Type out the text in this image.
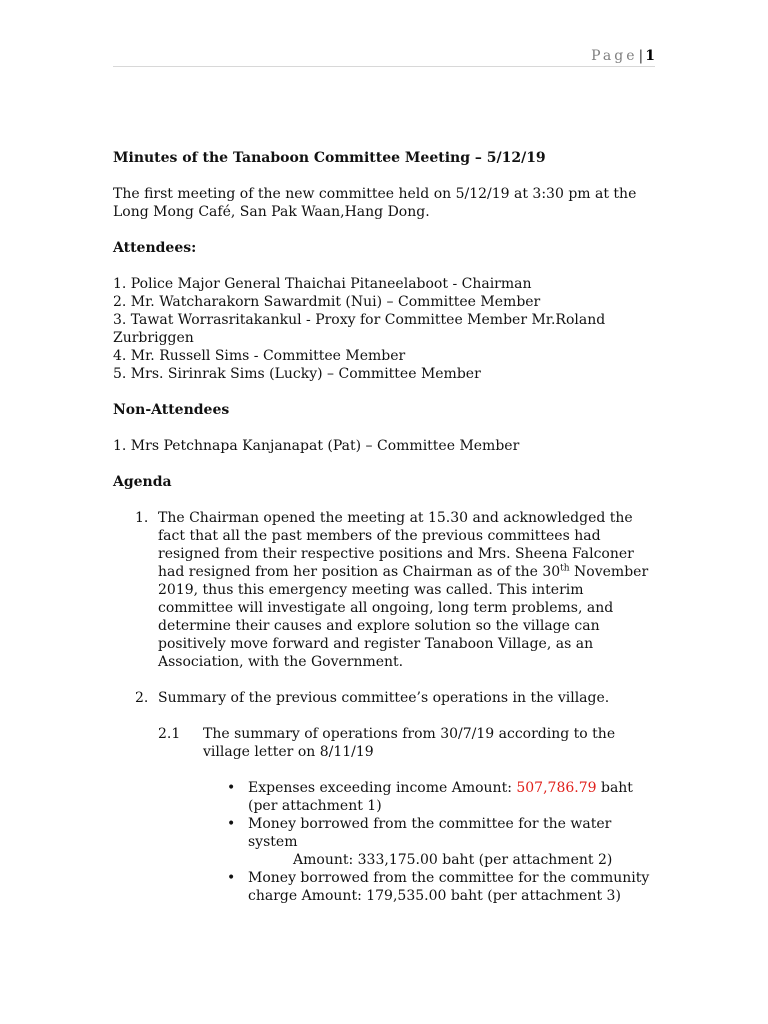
Page| 1

Minutes of the Tanaboon Committee Meeting – 5/12/19

The first meeting of the new committee held on 5/12/19 at 3:30 pm at the Long Mong Café, San Pak Waan,Hang Dong.

Attendees:

1. Police Major General Thaichai Pitaneelaboot - Chairman

2. Mr. Watcharakorn Sawardmit (Nui) – Committee Member

3. Tawat Worrasritakankul - Proxy for Committee Member Mr.Roland Zurbriggen

4. Mr. Russell Sims - Committee Member

5. Mrs. Sirinrak Sims (Lucky) – Committee Member

Non-Attendees

1. Mrs Petchnapa Kanjanapat (Pat) – Committee Member

Agenda

1. The Chairman opened the meeting at 15.30 and acknowledged the fact that all the past members of the previous committees had resigned from their respective positions and Mrs. Sheena Falconer had resigned from her position as Chairman as of the 30th November 2019, thus this emergency meeting was called. This interim committee will investigate all ongoing, long term problems, and determine their causes and explore solution so the village can positively move forward and register Tanaboon Village, as an Association, with the Government.
2. Summary of the previous committee’s operations in the village.
2.1 The summary of operations from 30/7/19 according to the village letter on 8/11/19
• Expenses exceeding income Amount: 507,786.79 baht (per attachment 1)
• Money borrowed from the committee for the water system
Amount: 333,175.00 baht (per attachment 2)
• Money borrowed from the committee for the community
charge Amount: 179,535.00 baht (per attachment 3)
